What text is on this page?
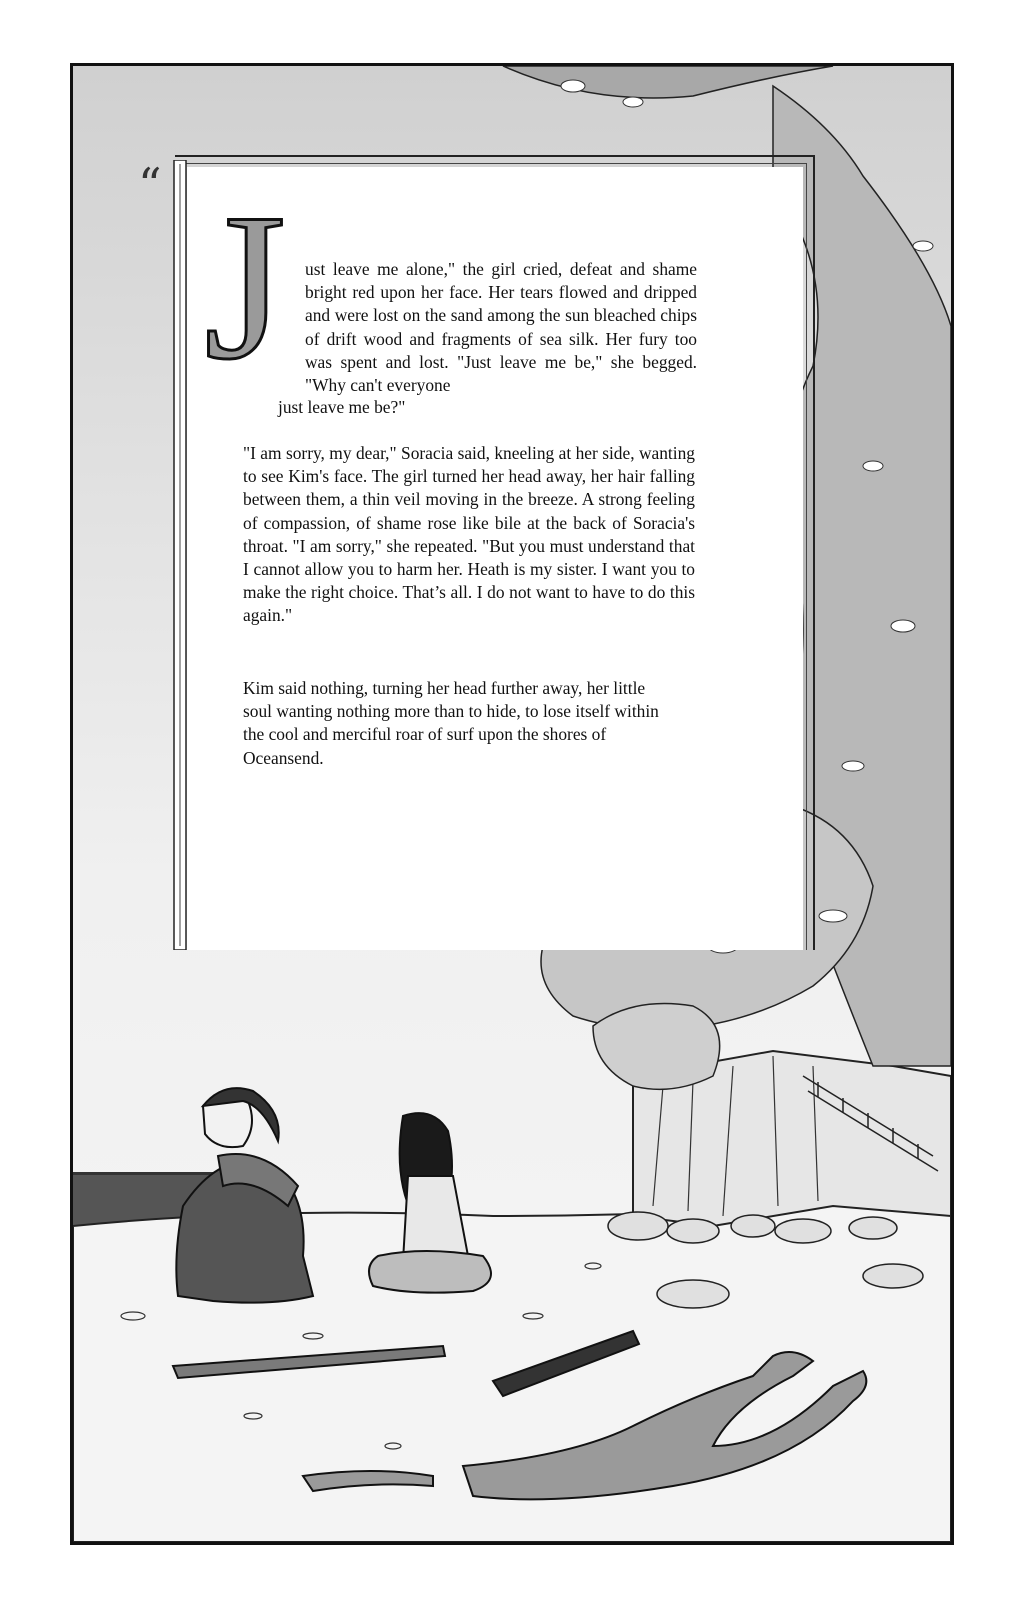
“ J ust leave me alone," the girl cried, defeat and shame bright red upon her face. Her tears flowed and dripped and were lost on the sand among the sun bleached chips of drift wood and fragments of sea silk. Her fury too was spent and lost. "Just leave me be," she begged. "Why can't everyone
just leave me be?"
"I am sorry, my dear," Soracia said, kneeling at her side, wanting to see Kim's face. The girl turned her head away, her hair falling between them, a thin veil moving in the breeze. A strong feeling of compassion, of shame rose like bile at the back of Soracia's throat. "I am sorry," she repeated. "But you must understand that I cannot allow you to harm her. Heath is my sister. I want you to make the right choice. That’s all. I do not want to have to do this again."
Kim said nothing, turning her head further away, her little soul wanting nothing more than to hide, to lose itself within the cool and merciful roar of surf upon the shores of Oceansend.
